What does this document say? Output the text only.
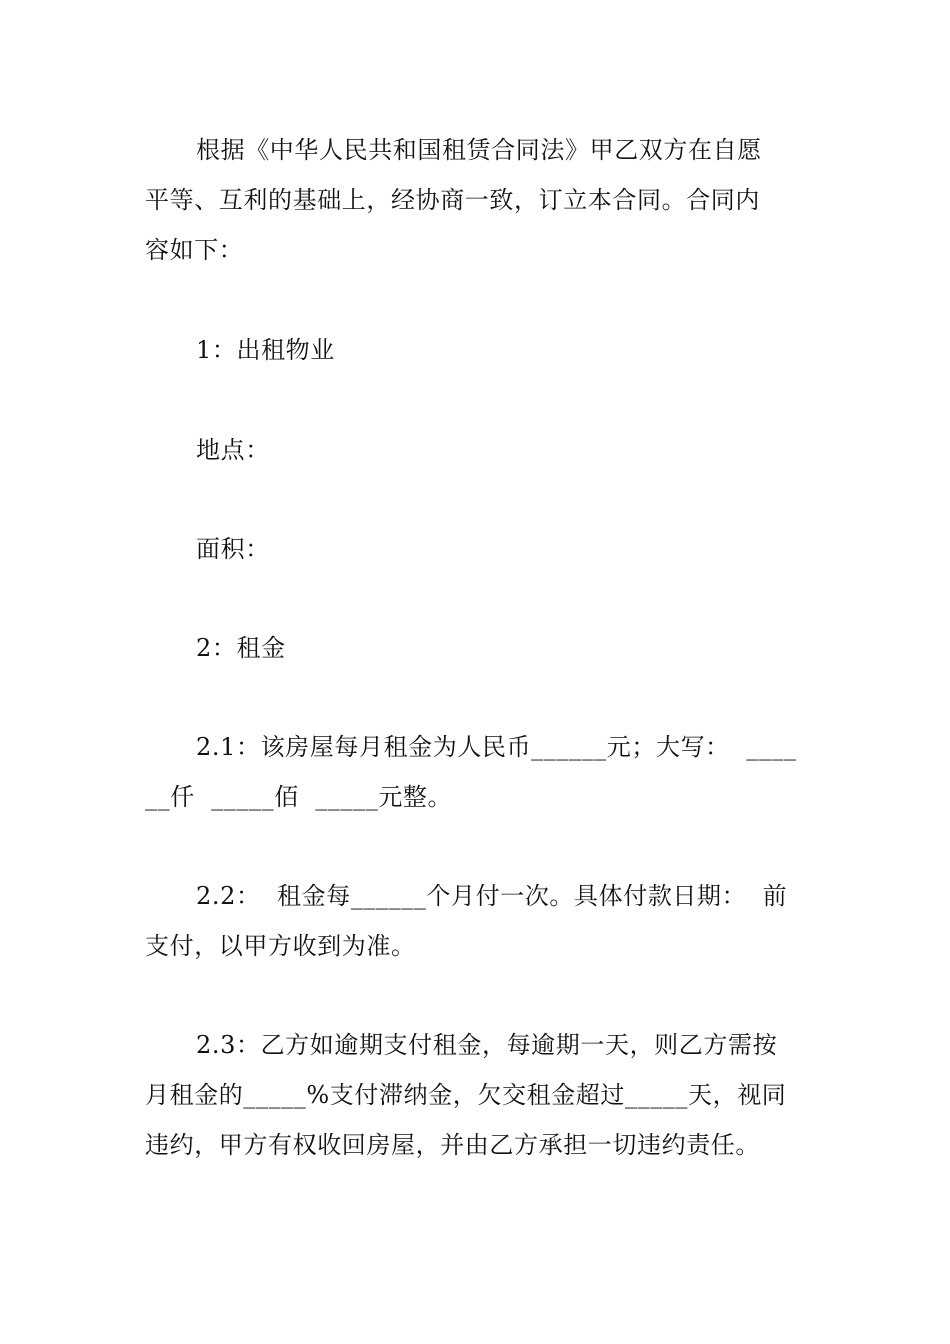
根据《中华人民共和国租赁合同法》甲乙双方在自愿
平等、互利的基础上，经协商一致，订立本合同。合同内
容如下：
1：出租物业
地点：
面积：
2：租金
2.1：该房屋每月租金为人民币______元；大写：  ____
__仟  _____佰  _____元整。
2.2：  租金每______个月付一次。具体付款日期：  前
支付，以甲方收到为准。
2.3：乙方如逾期支付租金，每逾期一天，则乙方需按
月租金的_____%支付滞纳金，欠交租金超过_____天，视同
违约，甲方有权收回房屋，并由乙方承担一切违约责任。
